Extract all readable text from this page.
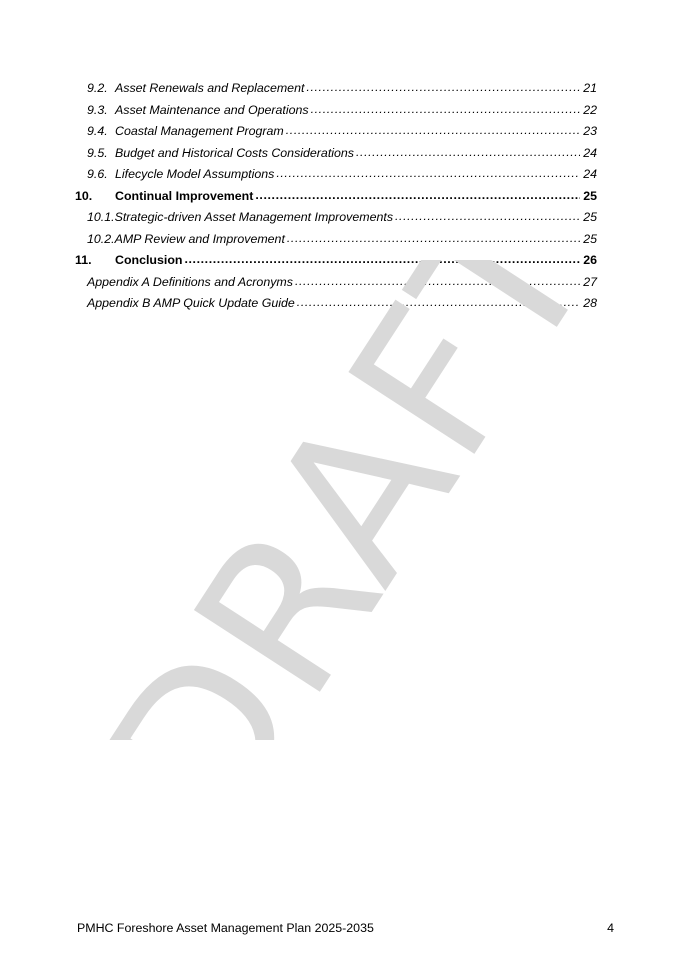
9.2. Asset Renewals and Replacement .....	21
9.3. Asset Maintenance and Operations .....	22
9.4. Coastal Management Program .....	23
9.5. Budget and Historical Costs Considerations .....	24
9.6. Lifecycle Model Assumptions .....	24
10.	Continual Improvement .....	25
10.1. Strategic-driven Asset Management Improvements .....	25
10.2. AMP Review and Improvement .....	25
11.	Conclusion .....	26
Appendix A Definitions and Acronyms .....	27
Appendix B AMP Quick Update Guide .....	28
DRAFT
PMHC Foreshore Asset Management Plan 2025-2035	4
